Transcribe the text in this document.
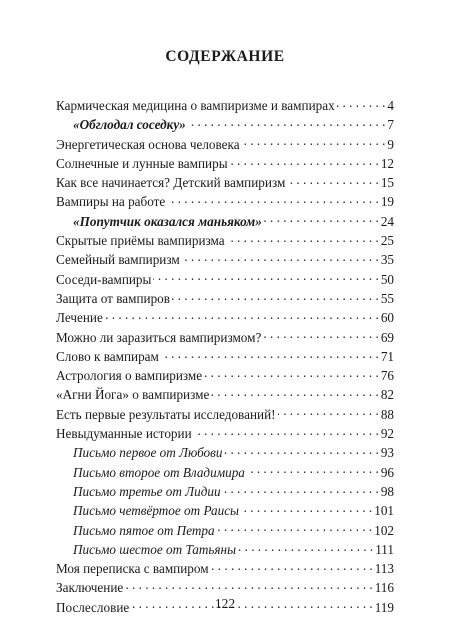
СОДЕРЖАНИЕ
Кармическая медицина о вампиризме и вампирах . . .	4
«Обглодал соседку» . . .	7
Энергетическая основа человека . . .	9
Солнечные и лунные вампиры . . .	12
Как все начинается? Детский вампиризм . . .	15
Вампиры на работе . . .	19
«Попутчик оказался маньяком» . . .	24
Скрытые приёмы вампиризма . . .	25
Семейный вампиризм . . .	35
Соседи-вампиры . . .	50
Защита от вампиров . . .	55
Лечение . . .	60
Можно ли заразиться вампиризмом? . . .	69
Слово к вампирам . . .	71
Астрология о вампиризме . . .	76
«Агни Йога» о вампиризме . . .	82
Есть первые результаты исследований! . . .	88
Невыдуманные истории . . .	92
Письмо первое от Любови . . .	93
Письмо второе от Владимира . . .	96
Письмо третье от Лидии . . .	98
Письмо четвёртое от Раисы . . .	101
Письмо пятое от Петра . . .	102
Письмо шестое от Татьяны . . .	111
Моя переписка с вампиром . . .	113
Заключение . . .	116
Послесловие . . .	119
122
